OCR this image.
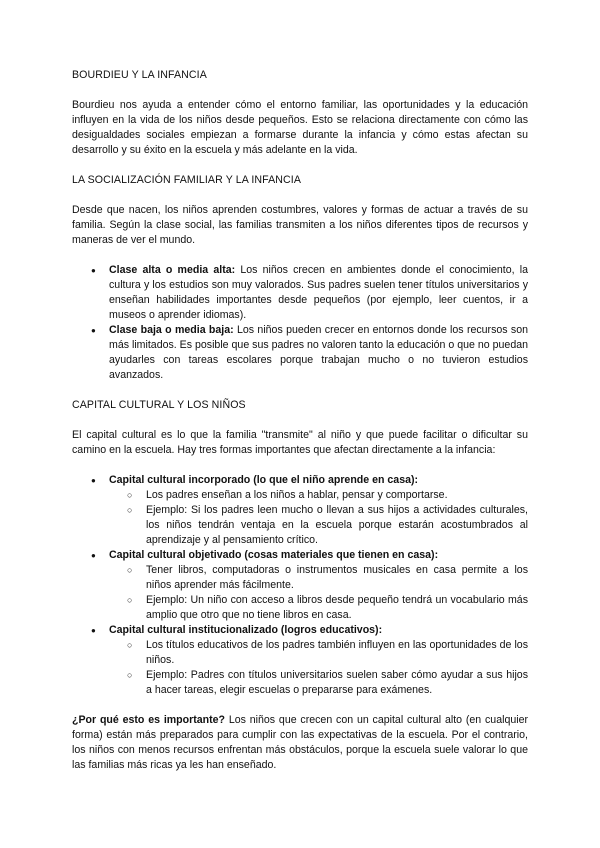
BOURDIEU Y LA INFANCIA

Bourdieu nos ayuda a entender cómo el entorno familiar, las oportunidades y la educación influyen en la vida de los niños desde pequeños. Esto se relaciona directamente con cómo las desigualdades sociales empiezan a formarse durante la infancia y cómo estas afectan su desarrollo y su éxito en la escuela y más adelante en la vida.

LA SOCIALIZACIÓN FAMILIAR Y LA INFANCIA

Desde que nacen, los niños aprenden costumbres, valores y formas de actuar a través de su familia. Según la clase social, las familias transmiten a los niños diferentes tipos de recursos y maneras de ver el mundo.

● Clase alta o media alta: Los niños crecen en ambientes donde el conocimiento, la cultura y los estudios son muy valorados. Sus padres suelen tener títulos universitarios y enseñan habilidades importantes desde pequeños (por ejemplo, leer cuentos, ir a museos o aprender idiomas).
● Clase baja o media baja: Los niños pueden crecer en entornos donde los recursos son más limitados. Es posible que sus padres no valoren tanto la educación o que no puedan ayudarles con tareas escolares porque trabajan mucho o no tuvieron estudios avanzados.
CAPITAL CULTURAL Y LOS NIÑOS

El capital cultural es lo que la familia "transmite" al niño y que puede facilitar o dificultar su camino en la escuela. Hay tres formas importantes que afectan directamente a la infancia:

● Capital cultural incorporado (lo que el niño aprende en casa):
○ Los padres enseñan a los niños a hablar, pensar y comportarse.
○ Ejemplo: Si los padres leen mucho o llevan a sus hijos a actividades culturales, los niños tendrán ventaja en la escuela porque estarán acostumbrados al aprendizaje y al pensamiento crítico.
● Capital cultural objetivado (cosas materiales que tienen en casa):
○ Tener libros, computadoras o instrumentos musicales en casa permite a los niños aprender más fácilmente.
○ Ejemplo: Un niño con acceso a libros desde pequeño tendrá un vocabulario más amplio que otro que no tiene libros en casa.
● Capital cultural institucionalizado (logros educativos):
○ Los títulos educativos de los padres también influyen en las oportunidades de los niños.
○ Ejemplo: Padres con títulos universitarios suelen saber cómo ayudar a sus hijos a hacer tareas, elegir escuelas o prepararse para exámenes.

¿Por qué esto es importante? Los niños que crecen con un capital cultural alto (en cualquier forma) están más preparados para cumplir con las expectativas de la escuela. Por el contrario, los niños con menos recursos enfrentan más obstáculos, porque la escuela suele valorar lo que las familias más ricas ya les han enseñado.
